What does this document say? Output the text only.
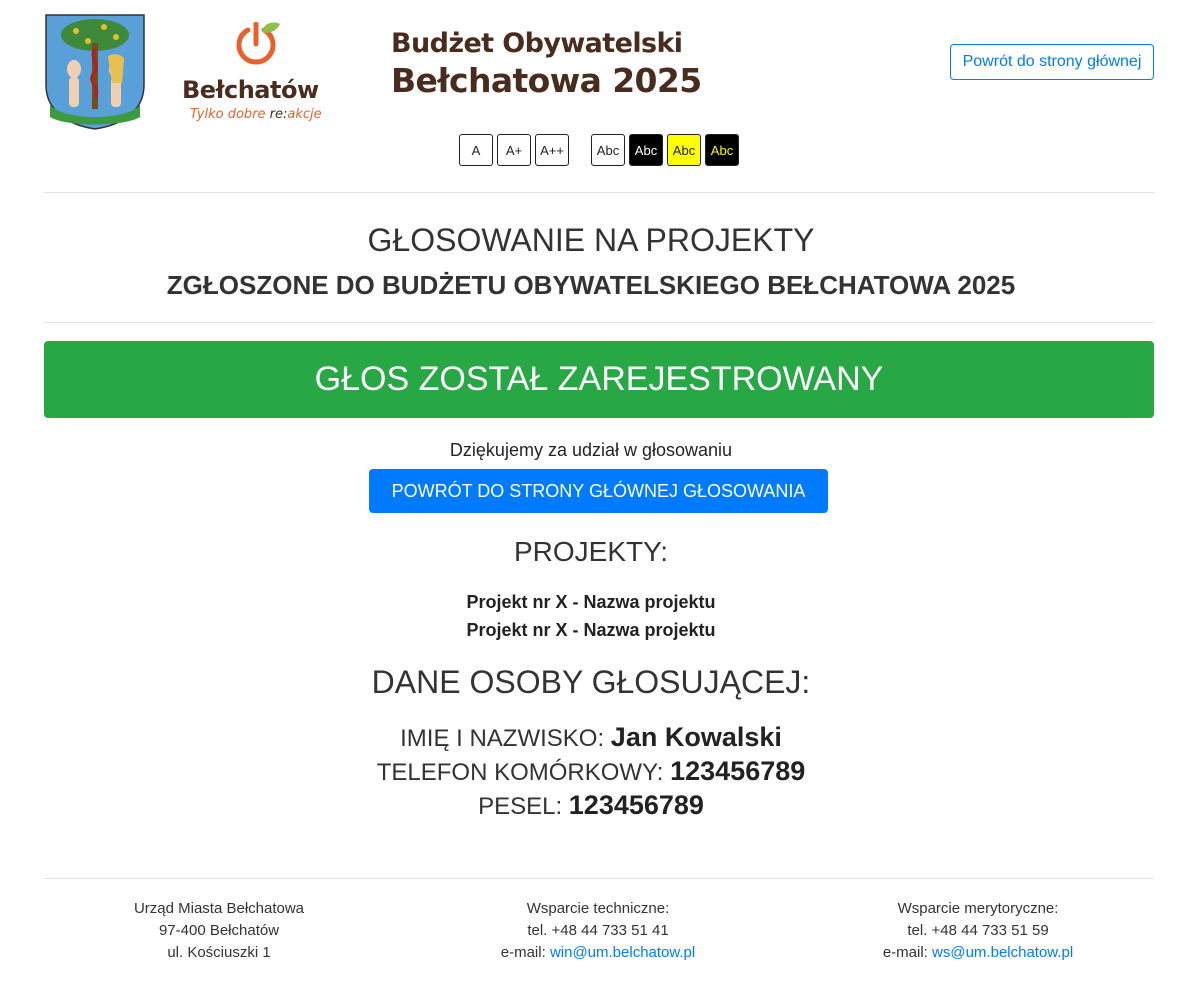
Bełchatów
Tylko dobre re:akcje
Budżet Obywatelski
Bełchatowa 2025	Powrót do strony głównej
A	A+	A++	Abc	Abc	Abc	Abc
GŁOSOWANIE NA PROJEKTY
ZGŁOSZONE DO BUDŻETU OBYWATELSKIEGO BEŁCHATOWA 2025
GŁOS ZOSTAŁ ZAREJESTROWANY
Dziękujemy za udział w głosowaniu
POWRÓT DO STRONY GŁÓWNEJ GŁOSOWANIA
PROJEKTY:
Projekt nr X - Nazwa projektu
Projekt nr X - Nazwa projektu
DANE OSOBY GŁOSUJĄCEJ:
IMIĘ I NAZWISKO: Jan Kowalski
TELEFON KOMÓRKOWY: 123456789
PESEL: 123456789
Urząd Miasta Bełchatowa
97-400 Bełchatów
ul. Kościuszki 1
Wsparcie techniczne:
tel. +48 44 733 51 41
e-mail: win@um.belchatow.pl
Wsparcie merytoryczne:
tel. +48 44 733 51 59
e-mail: ws@um.belchatow.pl
